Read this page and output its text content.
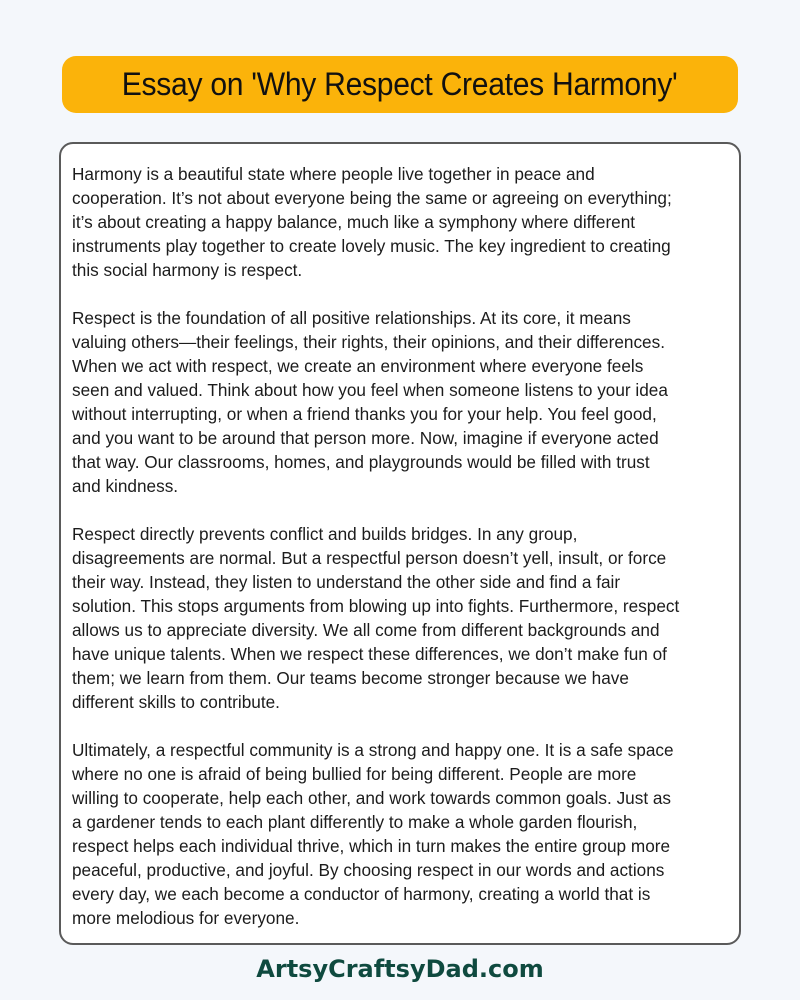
Essay on 'Why Respect Creates Harmony'
Harmony is a beautiful state where people live together in peace and
cooperation. It’s not about everyone being the same or agreeing on everything;
it’s about creating a happy balance, much like a symphony where different
instruments play together to create lovely music. The key ingredient to creating
this social harmony is respect.
Respect is the foundation of all positive relationships. At its core, it means
valuing others—their feelings, their rights, their opinions, and their differences.
When we act with respect, we create an environment where everyone feels
seen and valued. Think about how you feel when someone listens to your idea
without interrupting, or when a friend thanks you for your help. You feel good,
and you want to be around that person more. Now, imagine if everyone acted
that way. Our classrooms, homes, and playgrounds would be filled with trust
and kindness.
Respect directly prevents conflict and builds bridges. In any group,
disagreements are normal. But a respectful person doesn’t yell, insult, or force
their way. Instead, they listen to understand the other side and find a fair
solution. This stops arguments from blowing up into fights. Furthermore, respect
allows us to appreciate diversity. We all come from different backgrounds and
have unique talents. When we respect these differences, we don’t make fun of
them; we learn from them. Our teams become stronger because we have
different skills to contribute.
Ultimately, a respectful community is a strong and happy one. It is a safe space
where no one is afraid of being bullied for being different. People are more
willing to cooperate, help each other, and work towards common goals. Just as
a gardener tends to each plant differently to make a whole garden flourish,
respect helps each individual thrive, which in turn makes the entire group more
peaceful, productive, and joyful. By choosing respect in our words and actions
every day, we each become a conductor of harmony, creating a world that is
more melodious for everyone.
ArtsyCraftsyDad.com
